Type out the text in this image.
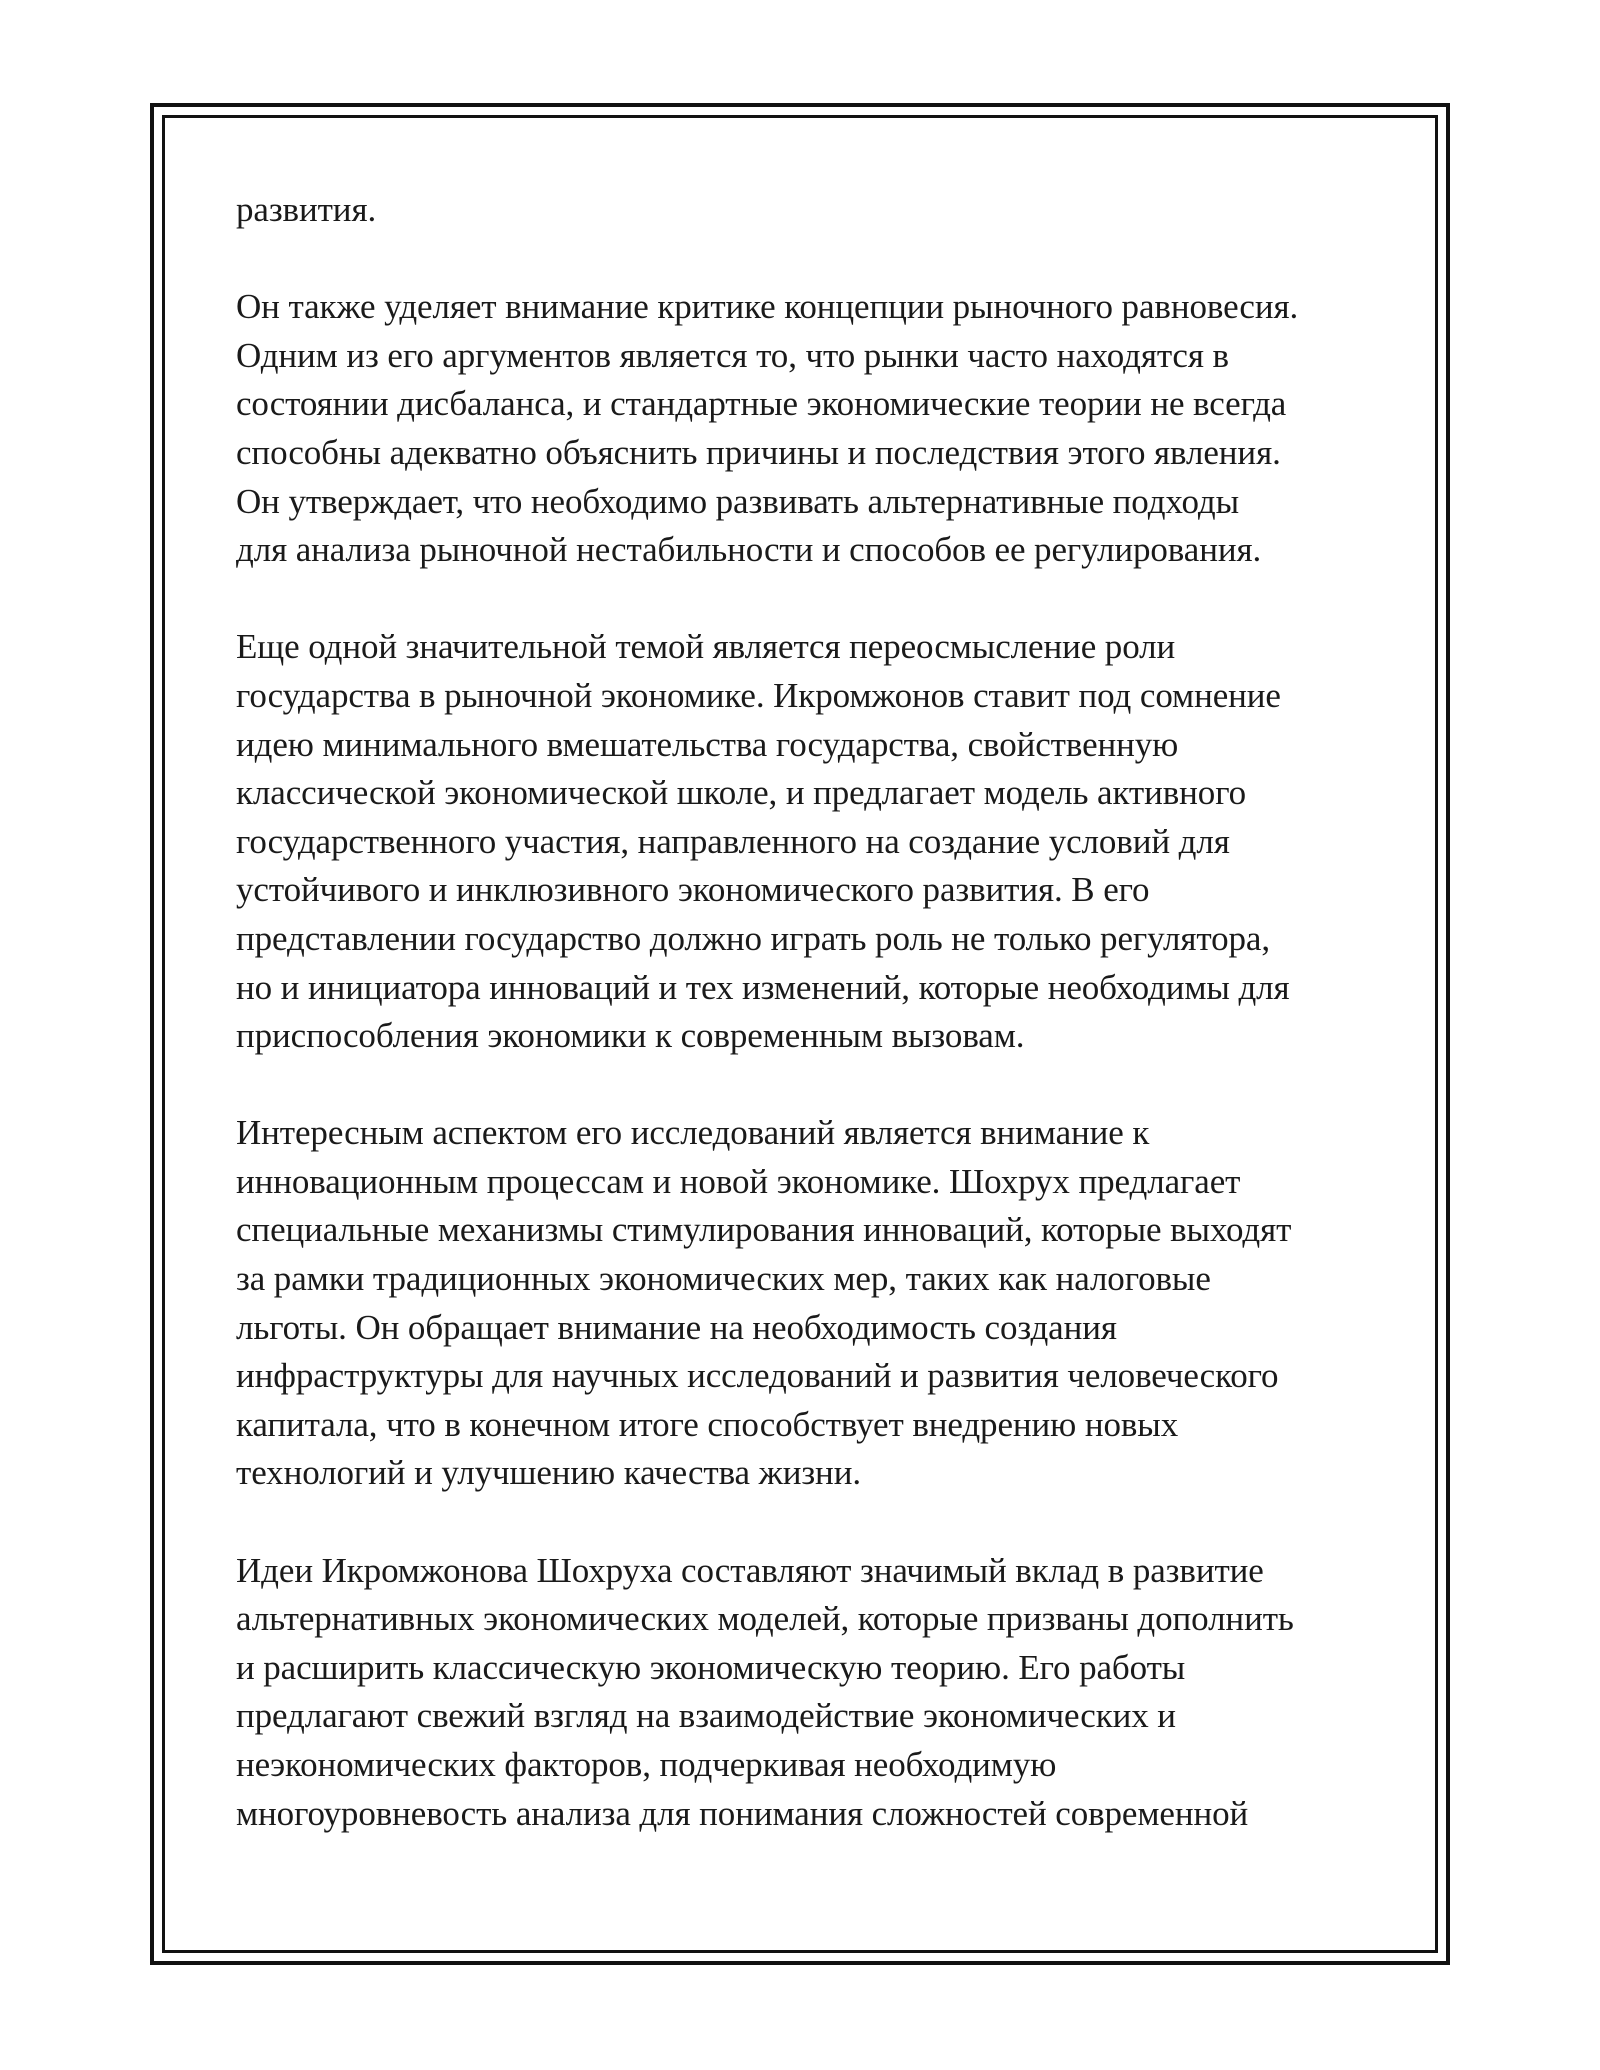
развития.
Он также уделяет внимание критике концепции рыночного равновесия.
Одним из его аргументов является то, что рынки часто находятся в
состоянии дисбаланса, и стандартные экономические теории не всегда
способны адекватно объяснить причины и последствия этого явления.
Он утверждает, что необходимо развивать альтернативные подходы
для анализа рыночной нестабильности и способов ее регулирования.
Еще одной значительной темой является переосмысление роли
государства в рыночной экономике. Икромжонов ставит под сомнение
идею минимального вмешательства государства, свойственную
классической экономической школе, и предлагает модель активного
государственного участия, направленного на создание условий для
устойчивого и инклюзивного экономического развития. В его
представлении государство должно играть роль не только регулятора,
но и инициатора инноваций и тех изменений, которые необходимы для
приспособления экономики к современным вызовам.
Интересным аспектом его исследований является внимание к
инновационным процессам и новой экономике. Шохрух предлагает
специальные механизмы стимулирования инноваций, которые выходят
за рамки традиционных экономических мер, таких как налоговые
льготы. Он обращает внимание на необходимость создания
инфраструктуры для научных исследований и развития человеческого
капитала, что в конечном итоге способствует внедрению новых
технологий и улучшению качества жизни.
Идеи Икромжонова Шохруха составляют значимый вклад в развитие
альтернативных экономических моделей, которые призваны дополнить
и расширить классическую экономическую теорию. Его работы
предлагают свежий взгляд на взаимодействие экономических и
неэкономических факторов, подчеркивая необходимую
многоуровневость анализа для понимания сложностей современной
